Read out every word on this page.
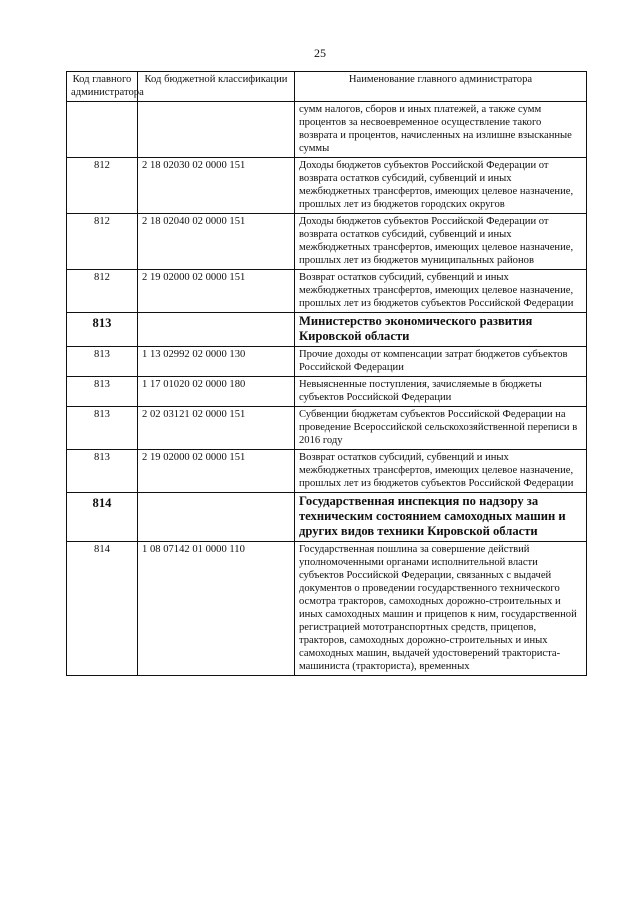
25
Код главного администратора	Код бюджетной классификации	Наименование главного администратора
		сумм налогов, сборов и иных платежей, а также сумм процентов за несвоевременное осуществление такого возврата и процентов, начисленных на излишне взысканные суммы
812	2 18 02030 02 0000 151	Доходы бюджетов субъектов Российской Федерации от возврата остатков субсидий, субвенций и иных межбюджетных трансфертов, имеющих целевое назначение, прошлых лет из бюджетов городских округов
812	2 18 02040 02 0000 151	Доходы бюджетов субъектов Российской Федерации от возврата остатков субсидий, субвенций и иных межбюджетных трансфертов, имеющих целевое назначение, прошлых лет из бюджетов муниципальных районов
812	2 19 02000 02 0000 151	Возврат остатков субсидий, субвенций и иных межбюджетных трансфертов, имеющих целевое назначение, прошлых лет из бюджетов субъектов Российской Федерации
813		Министерство экономического развития Кировской области
813	1 13 02992 02 0000 130	Прочие доходы от компенсации затрат бюджетов субъектов Российской Федерации
813	1 17 01020 02 0000 180	Невыясненные поступления, зачисляемые в бюджеты субъектов Российской Федерации
813	2 02 03121 02 0000 151	Субвенции бюджетам субъектов Российской Федерации на проведение Всероссийской сельскохозяйственной переписи в 2016 году
813	2 19 02000 02 0000 151	Возврат остатков субсидий, субвенций и иных межбюджетных трансфертов, имеющих целевое назначение, прошлых лет из бюджетов субъектов Российской Федерации
814		Государственная инспекция по надзору за техническим состоянием самоходных машин и других видов техники Кировской области
814	1 08 07142 01 0000 110	Государственная пошлина за совершение действий уполномоченными органами исполнительной власти субъектов Российской Федерации, связанных с выдачей документов о проведении государственного технического осмотра тракторов, самоходных дорожно-строительных и иных самоходных машин и прицепов к ним, государственной регистрацией мототранспортных средств, прицепов, тракторов, самоходных дорожно-строительных и иных самоходных машин, выдачей удостоверений тракториста-машиниста (тракториста), временных
